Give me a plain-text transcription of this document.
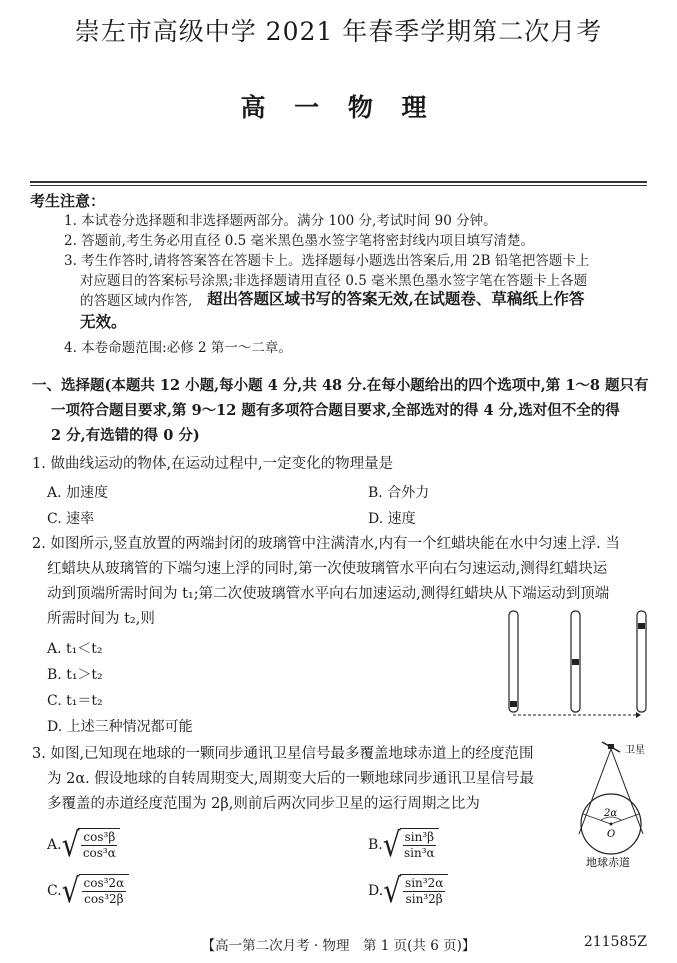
崇左市高级中学 2021 年春季学期第二次月考
高 一 物 理
考生注意：
1. 本试卷分选择题和非选择题两部分。满分 100 分,考试时间 90 分钟。
2. 答题前,考生务必用直径 0.5 毫米黑色墨水签字笔将密封线内项目填写清楚。
3. 考生作答时,请将答案答在答题卡上。选择题每小题选出答案后,用 2B 铅笔把答题卡上
对应题目的答案标号涂黑;非选择题请用直径 0.5 毫米黑色墨水签字笔在答题卡上各题
的答题区域内作答, 超出答题区域书写的答案无效,在试题卷、草稿纸上作答
无效。
4. 本卷命题范围:必修 2 第一～二章。
一、选择题(本题共 12 小题,每小题 4 分,共 48 分.在每小题给出的四个选项中,第 1～8 题只有
一项符合题目要求,第 9～12 题有多项符合题目要求,全部选对的得 4 分,选对但不全的得
2 分,有选错的得 0 分)
1. 做曲线运动的物体,在运动过程中,一定变化的物理量是
A. 加速度	B. 合外力
C. 速率	D. 速度
2. 如图所示,竖直放置的两端封闭的玻璃管中注满清水,内有一个红蜡块能在水中匀速上浮. 当
红蜡块从玻璃管的下端匀速上浮的同时,第一次使玻璃管水平向右匀速运动,测得红蜡块运
动到顶端所需时间为 t₁;第二次使玻璃管水平向右加速运动,测得红蜡块从下端运动到顶端
所需时间为 t₂,则
A. t₁＜t₂
B. t₁＞t₂
C. t₁＝t₂
D. 上述三种情况都可能
3. 如图,已知现在地球的一颗同步通讯卫星信号最多覆盖地球赤道上的经度范围
为 2α. 假设地球的自转周期变大,周期变大后的一颗地球同步通讯卫星信号最
多覆盖的赤道经度范围为 2β,则前后两次同步卫星的运行周期之比为
A. √ $\frac{\text{cos³β}}{\text{cos³α}}$	B. √ $\frac{\text{sin³β}}{\text{sin³α}}$
C. √ $\frac{\text{cos³2α}}{\text{cos³2β}}$	D. √ $\frac{\text{sin³2α}}{\text{sin³2β}}$
卫星
2α
O
地球赤道
【高一第二次月考 · 物理　第 1 页(共 6 页)】	211585Z
